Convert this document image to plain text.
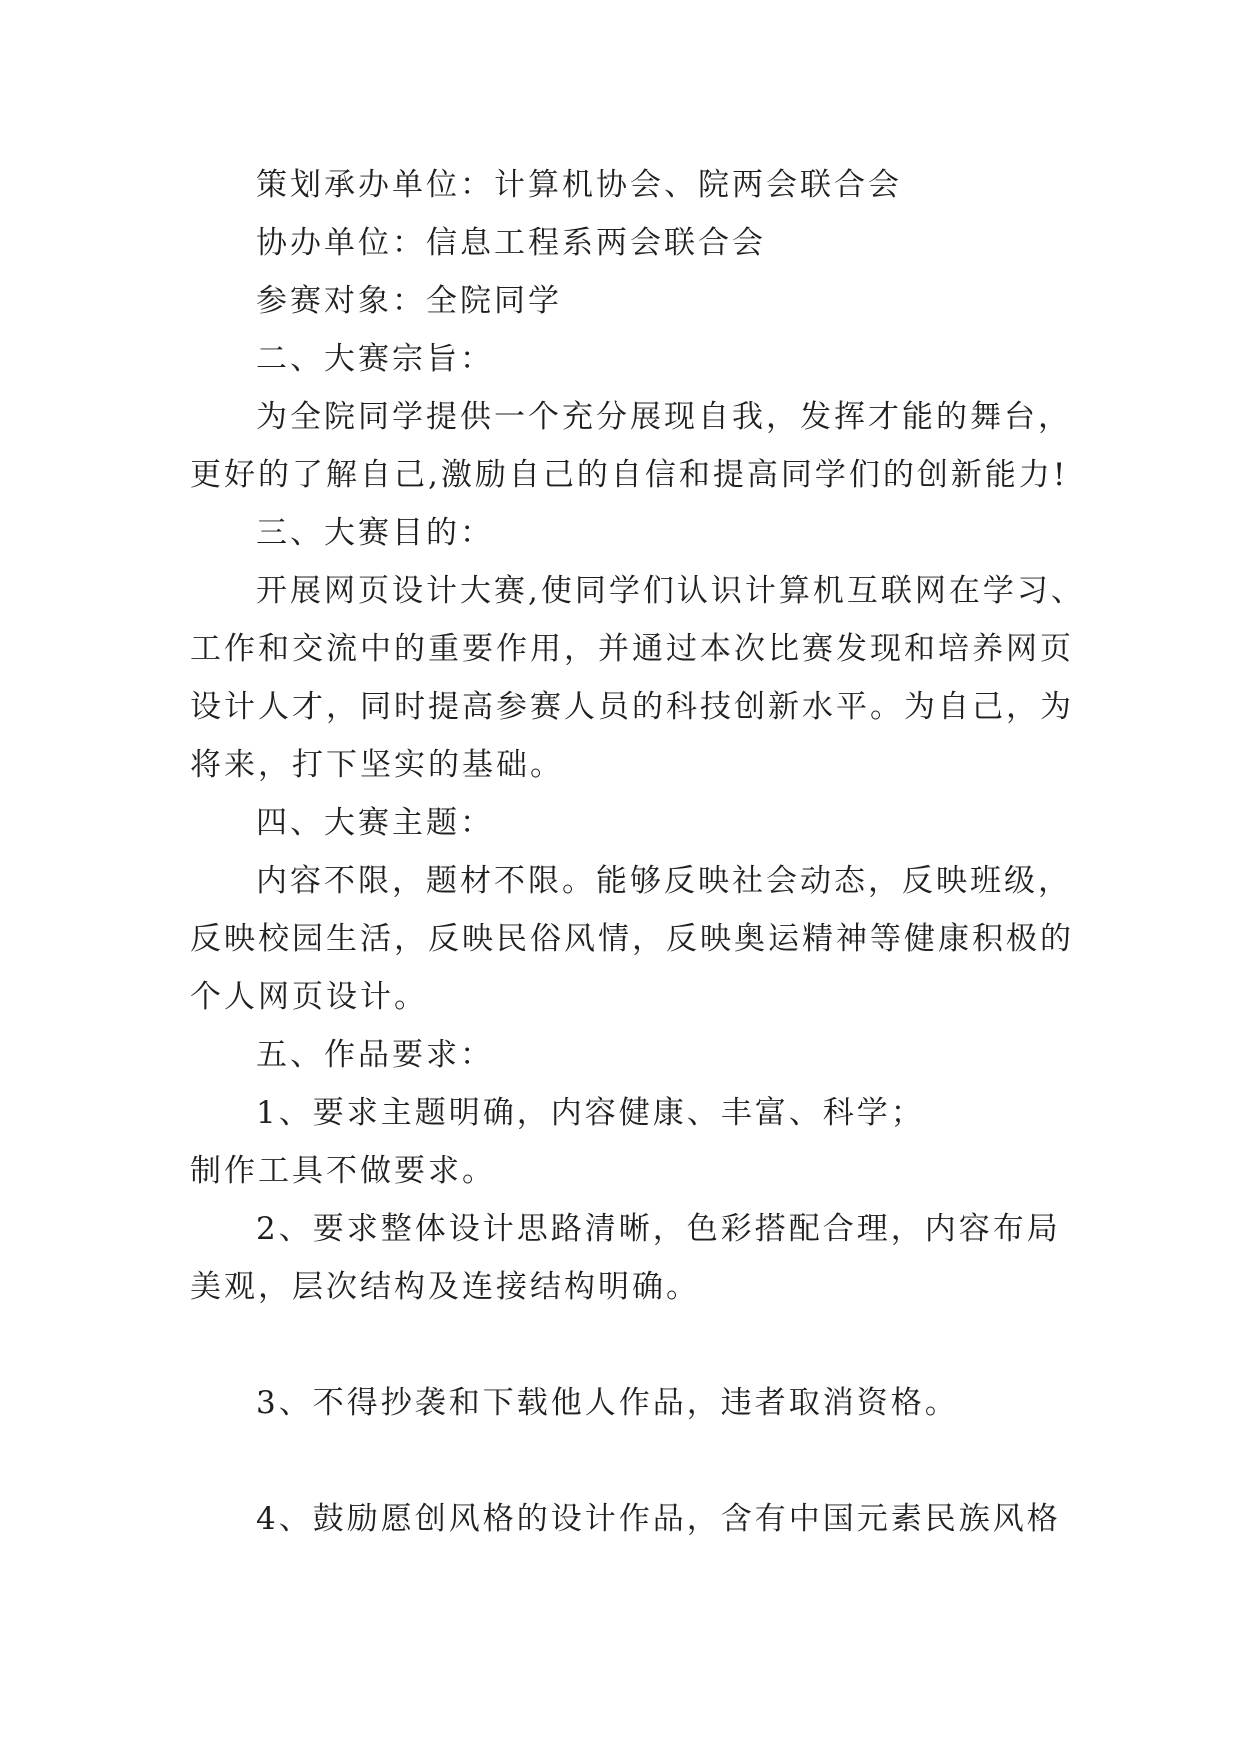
策划承办单位：计算机协会、院两会联合会

协办单位：信息工程系两会联合会

参赛对象：全院同学

二、大赛宗旨：

为全院同学提供一个充分展现自我，发挥才能的舞台，

更好的了解自己,激励自己的自信和提高同学们的创新能力!

三、大赛目的：

开展网页设计大赛,使同学们认识计算机互联网在学习、

工作和交流中的重要作用，并通过本次比赛发现和培养网页

设计人才，同时提高参赛人员的科技创新水平。为自己，为

将来，打下坚实的基础。

四、大赛主题：

内容不限，题材不限。能够反映社会动态，反映班级，

反映校园生活，反映民俗风情，反映奥运精神等健康积极的

个人网页设计。

五、作品要求：

1、要求主题明确，内容健康、丰富、科学；

制作工具不做要求。

2、要求整体设计思路清晰，色彩搭配合理，内容布局

美观，层次结构及连接结构明确。

3、不得抄袭和下载他人作品，违者取消资格。

4、鼓励愿创风格的设计作品，含有中国元素民族风格
